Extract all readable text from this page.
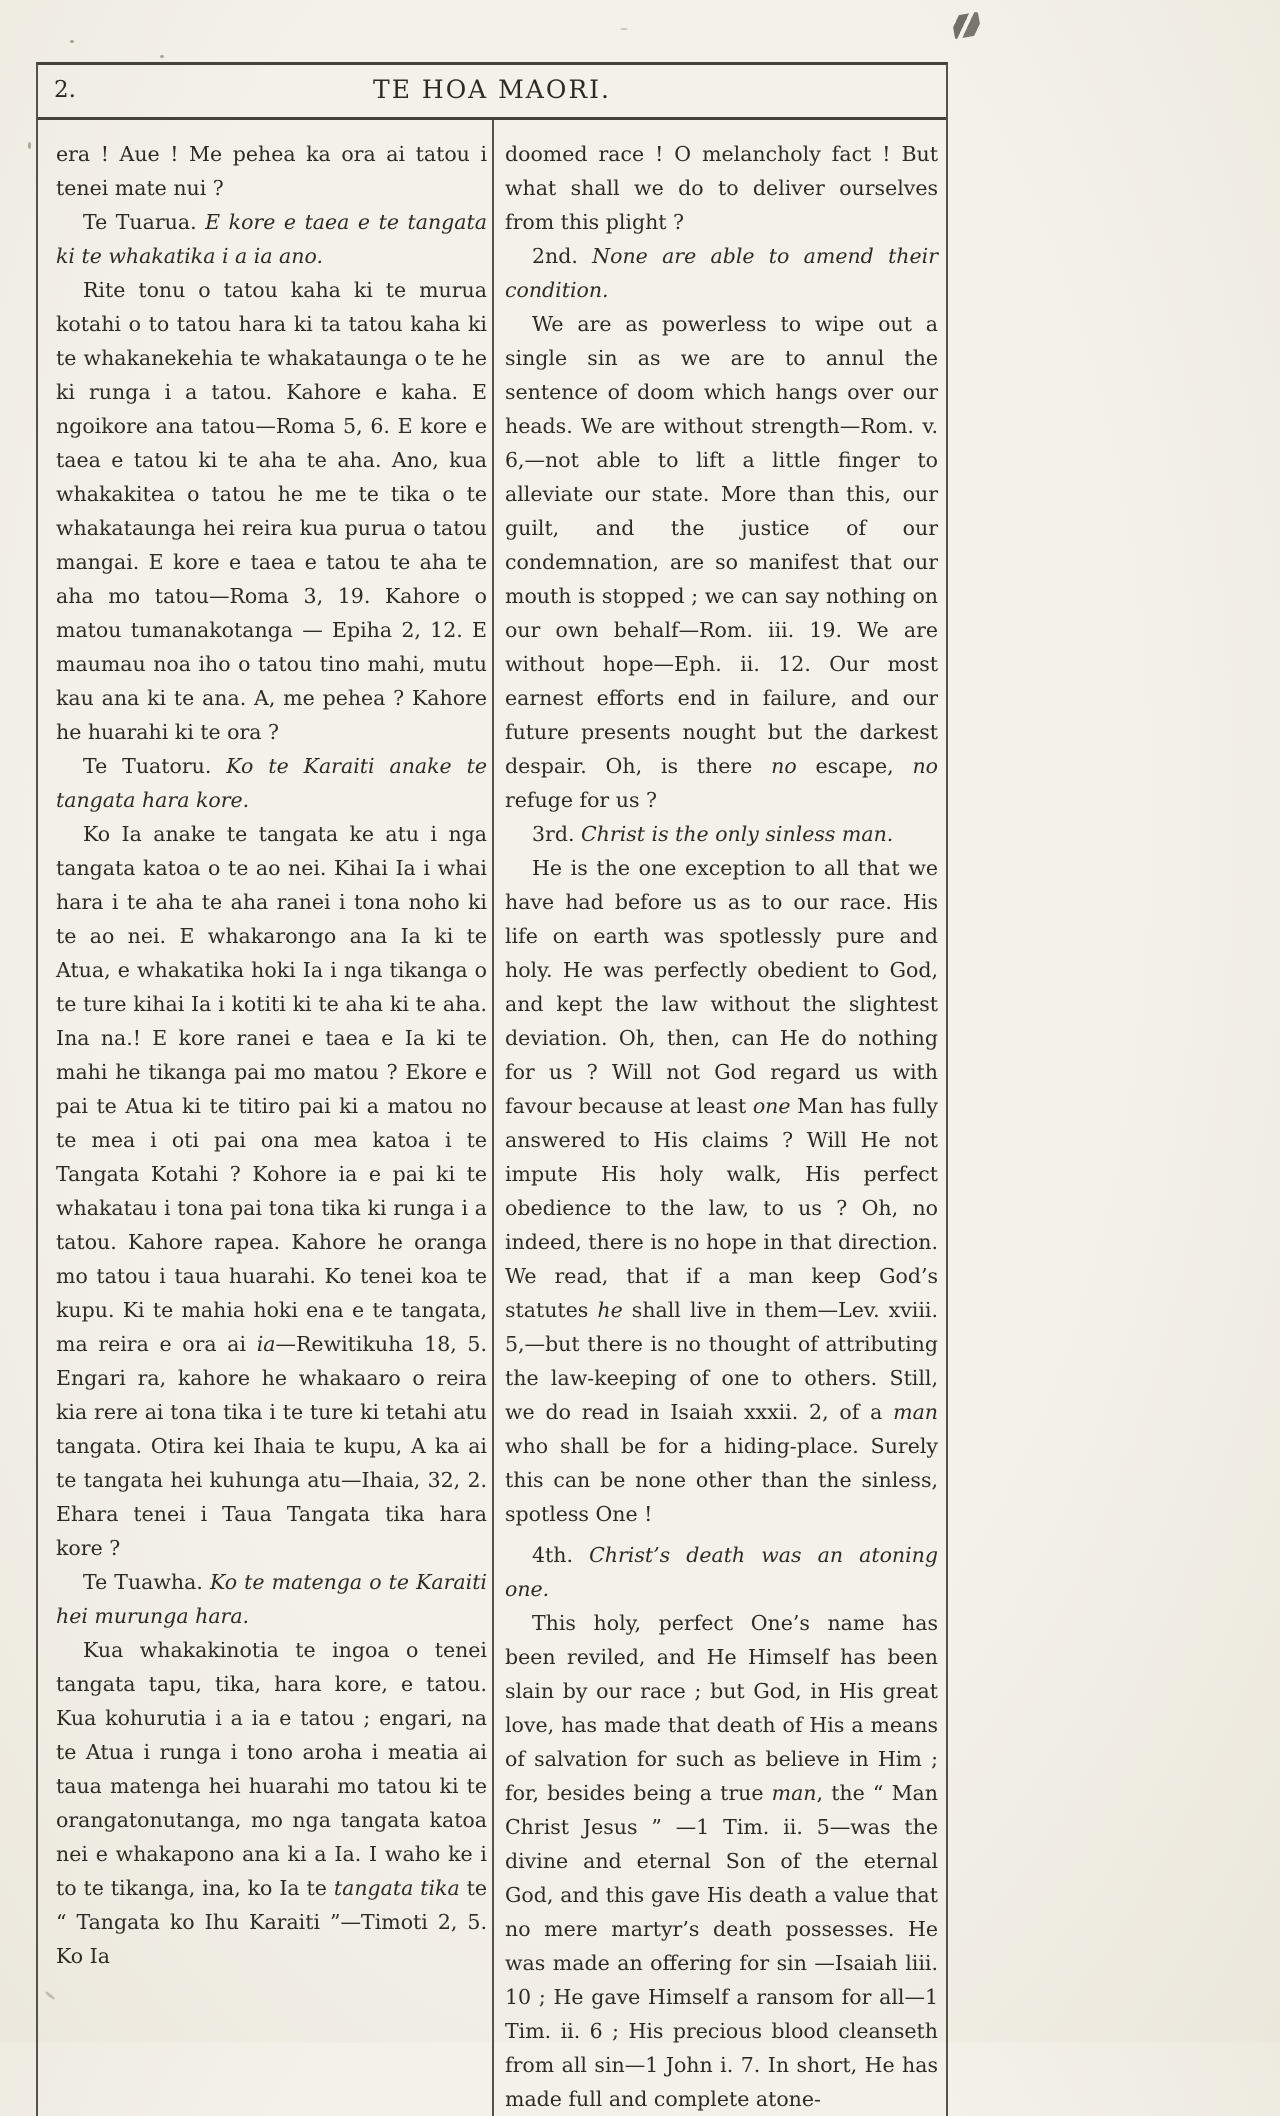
2.	TE HOA MAORI.

era ! Aue ! Me pehea ka ora ai tatou i tenei mate nui ?

Te Tuarua. E kore e taea e te tangata ki te whakatika i a ia ano.

Rite tonu o tatou kaha ki te murua kotahi o to tatou hara ki ta tatou kaha ki te whakanekehia te whakataunga o te he ki runga i a tatou. Kahore e kaha. E ngoikore ana tatou—Roma 5, 6. E kore e taea e tatou ki te aha te aha. Ano, kua whakakitea o tatou he me te tika o te whakataunga hei reira kua purua o tatou mangai. E kore e taea e tatou te aha te aha mo tatou—Roma 3, 19. Kahore o matou tumanakotanga — Epiha 2, 12. E maumau noa iho o tatou tino mahi, mutu kau ana ki te ana. A, me pehea ? Kahore he huarahi ki te ora ?

Te Tuatoru. Ko te Karaiti anake te tangata hara kore.

Ko Ia anake te tangata ke atu i nga tangata katoa o te ao nei. Kihai Ia i whai hara i te aha te aha ranei i tona noho ki te ao nei. E whakarongo ana Ia ki te Atua, e whakatika hoki Ia i nga tikanga o te ture kihai Ia i kotiti ki te aha ki te aha. Ina na.! E kore ranei e taea e Ia ki te mahi he tikanga pai mo matou ? Ekore e pai te Atua ki te titiro pai ki a matou no te mea i oti pai ona mea katoa i te Tangata Kotahi ? Kohore ia e pai ki te whakatau i tona pai tona tika ki runga i a tatou. Kahore rapea. Kahore he oranga mo tatou i taua huarahi. Ko tenei koa te kupu. Ki te mahia hoki ena e te tangata, ma reira e ora ai ia—Rewitikuha 18, 5. Engari ra, kahore he whakaaro o reira kia rere ai tona tika i te ture ki tetahi atu tangata. Otira kei Ihaia te kupu, A ka ai te tangata hei kuhunga atu—Ihaia, 32, 2. Ehara tenei i Taua Tangata tika hara kore ?

Te Tuawha. Ko te matenga o te Karaiti hei murunga hara.

Kua whakakinotia te ingoa o tenei tangata tapu, tika, hara kore, e tatou. Kua kohurutia i a ia e tatou ; engari, na te Atua i runga i tono aroha i meatia ai taua matenga hei huarahi mo tatou ki te orangatonutanga, mo nga tangata katoa nei e whakapono ana ki a Ia. I waho ke i to te tikanga, ina, ko Ia te tangata tika te “ Tangata ko Ihu Karaiti ”—Timoti 2, 5. Ko Ia

doomed race ! O melancholy fact ! But what shall we do to deliver ourselves from this plight ?

2nd. None are able to amend their condition.

We are as powerless to wipe out a single sin as we are to annul the sentence of doom which hangs over our heads. We are without strength—Rom. v. 6,—not able to lift a little finger to alleviate our state. More than this, our guilt, and the justice of our condemnation, are so manifest that our mouth is stopped ; we can say nothing on our own behalf—Rom. iii. 19. We are without hope—Eph. ii. 12. Our most earnest efforts end in failure, and our future presents nought but the darkest despair. Oh, is there no escape, no refuge for us ?

3rd. Christ is the only sinless man.

He is the one exception to all that we have had before us as to our race. His life on earth was spotlessly pure and holy. He was perfectly obedient to God, and kept the law without the slightest deviation. Oh, then, can He do nothing for us ? Will not God regard us with favour because at least one Man has fully answered to His claims ? Will He not impute His holy walk, His perfect obedience to the law, to us ? Oh, no indeed, there is no hope in that direction. We read, that if a man keep God’s statutes he shall live in them—Lev. xviii. 5,—but there is no thought of attributing the law-keeping of one to others. Still, we do read in Isaiah xxxii. 2, of a man who shall be for a hiding-place. Surely this can be none other than the sinless, spotless One !

4th. Christ’s death was an atoning one.

This holy, perfect One’s name has been reviled, and He Himself has been slain by our race ; but God, in His great love, has made that death of His a means of salvation for such as believe in Him ; for, besides being a true man, the “ Man Christ Jesus ” —1 Tim. ii. 5—was the divine and eternal Son of the eternal God, and this gave His death a value that no mere martyr’s death possesses. He was made an offering for sin —Isaiah liii. 10 ; He gave Himself a ransom for all—1 Tim. ii. 6 ; His precious blood cleanseth from all sin—1 John i. 7. In short, He has made full and complete atone-
